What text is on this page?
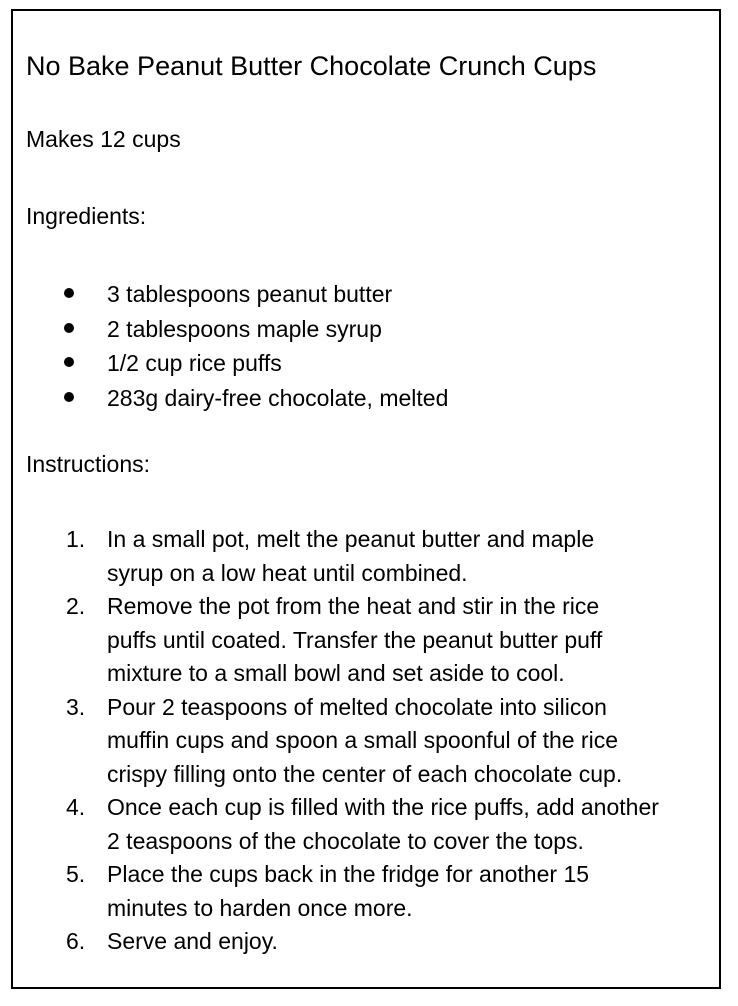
No Bake Peanut Butter Chocolate Crunch Cups

Makes 12 cups

Ingredients:
3 tablespoons peanut butter
2 tablespoons maple syrup
1/2 cup rice puffs
283g dairy-free chocolate, melted
Instructions:
1. In a small pot, melt the peanut butter and maple
syrup on a low heat until combined.
2. Remove the pot from the heat and stir in the rice
puffs until coated. Transfer the peanut butter puff
mixture to a small bowl and set aside to cool.
3. Pour 2 teaspoons of melted chocolate into silicon
muffin cups and spoon a small spoonful of the rice
crispy filling onto the center of each chocolate cup.
4. Once each cup is filled with the rice puffs, add another
2 teaspoons of the chocolate to cover the tops.
5. Place the cups back in the fridge for another 15
minutes to harden once more.
6. Serve and enjoy.
